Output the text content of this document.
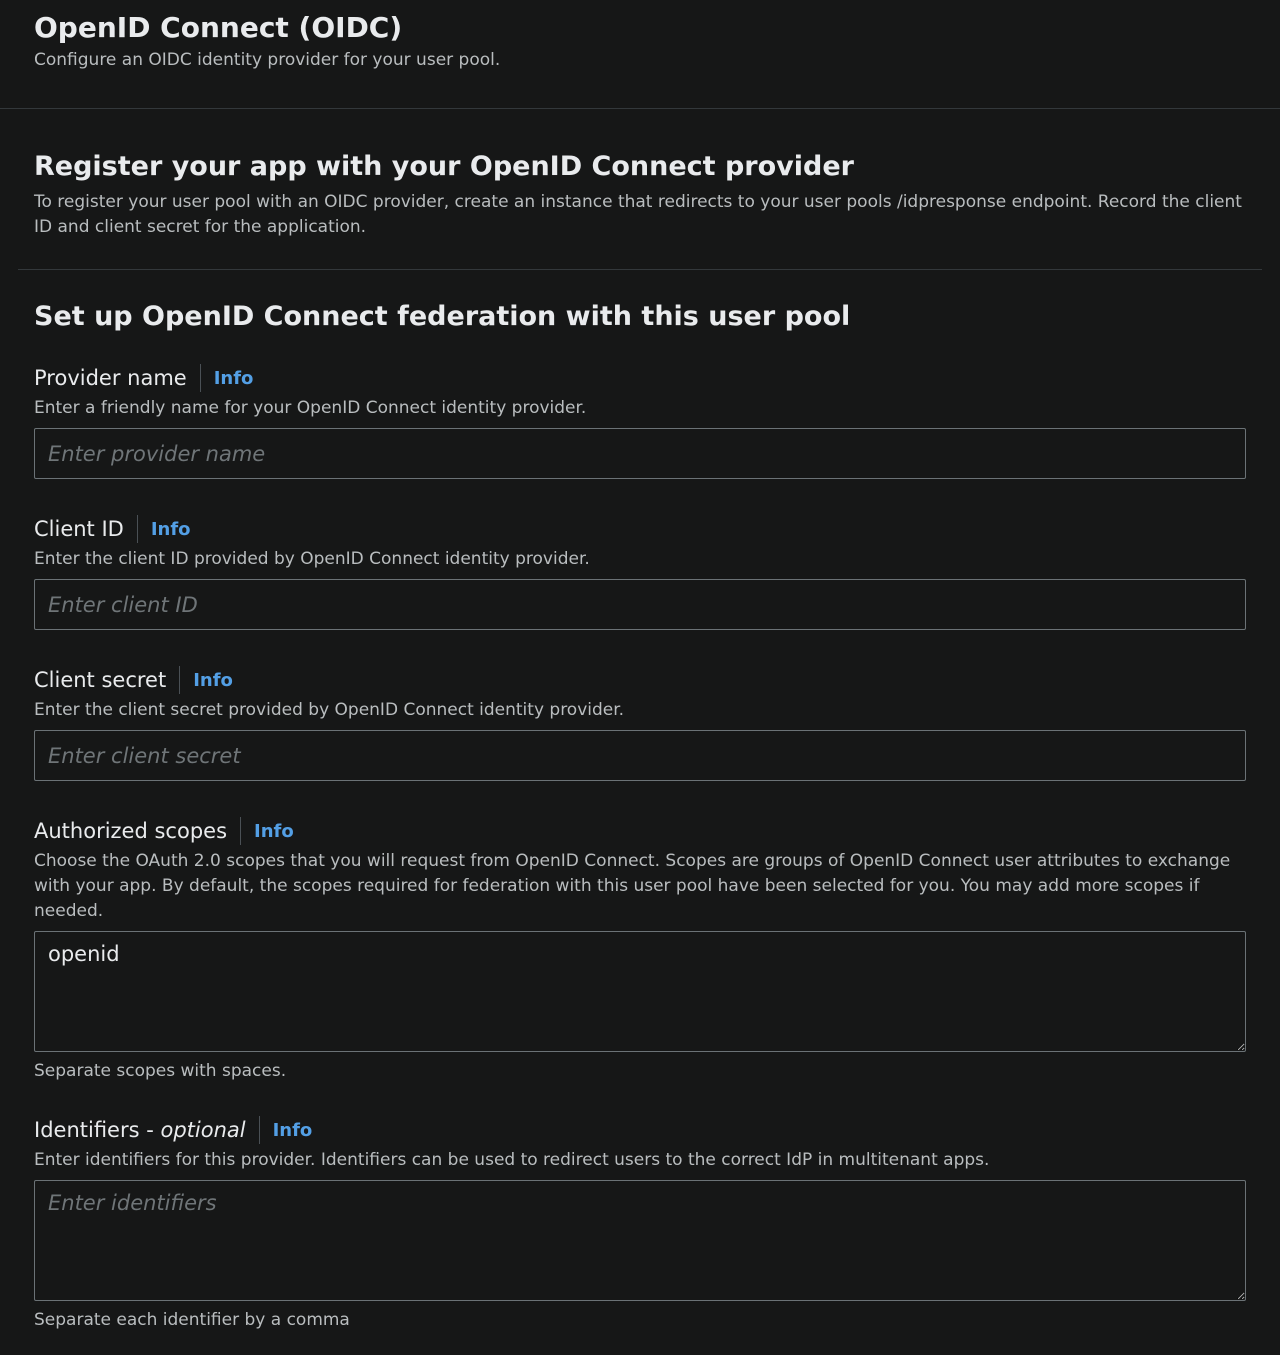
OpenID Connect (OIDC)
Configure an OIDC identity provider for your user pool.
Register your app with your OpenID Connect provider
To register your user pool with an OIDC provider, create an instance that redirects to your user pools /idpresponse endpoint. Record the client ID and client secret for the application.
Set up OpenID Connect federation with this user pool
Provider name Info
Enter a friendly name for your OpenID Connect identity provider.
Enter provider name
Client ID Info
Enter the client ID provided by OpenID Connect identity provider.
Enter client ID
Client secret Info
Enter the client secret provided by OpenID Connect identity provider.
Enter client secret
Authorized scopes Info
Choose the OAuth 2.0 scopes that you will request from OpenID Connect. Scopes are groups of OpenID Connect user attributes to exchange with your app. By default, the scopes required for federation with this user pool have been selected for you. You may add more scopes if needed.
openid
Separate scopes with spaces.
Identifiers - optional Info
Enter identifiers for this provider. Identifiers can be used to redirect users to the correct IdP in multitenant apps.
Enter identifiers
Separate each identifier by a comma
